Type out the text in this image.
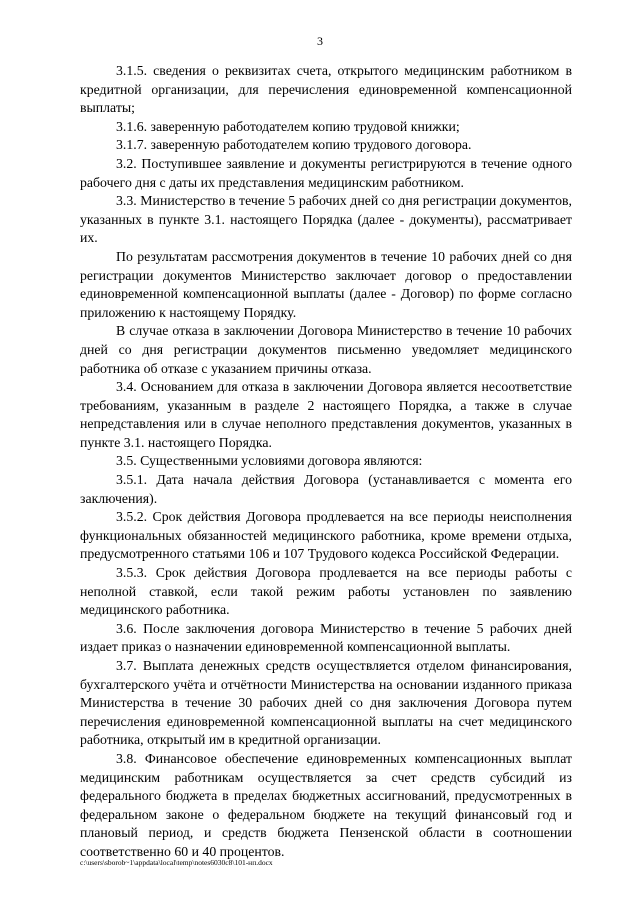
3

3.1.5. сведения о реквизитах счета, открытого медицинским работником в кредитной организации, для перечисления единовременной компенсационной выплаты;

3.1.6. заверенную работодателем копию трудовой книжки;

3.1.7. заверенную работодателем копию трудового договора.

3.2. Поступившее заявление и документы регистрируются в течение одного рабочего дня с даты их представления медицинским работником.

3.3. Министерство в течение 5 рабочих дней со дня регистрации документов, указанных в пункте 3.1. настоящего Порядка (далее - документы), рассматривает их.

По результатам рассмотрения документов в течение 10 рабочих дней со дня регистрации документов Министерство заключает договор о предоставлении единовременной компенсационной выплаты (далее - Договор) по форме согласно приложению к настоящему Порядку.

В случае отказа в заключении Договора Министерство в течение 10 рабочих дней со дня регистрации документов письменно уведомляет медицинского работника об отказе с указанием причины отказа.

3.4. Основанием для отказа в заключении Договора является несоответствие требованиям, указанным в разделе 2 настоящего Порядка, а также в случае непредставления или в случае неполного представления документов, указанных в пункте 3.1. настоящего Порядка.

3.5. Существенными условиями договора являются:

3.5.1. Дата начала действия Договора (устанавливается с момента его заключения).

3.5.2. Срок действия Договора продлевается на все периоды неисполнения функциональных обязанностей медицинского работника, кроме времени отдыха, предусмотренного статьями 106 и 107 Трудового кодекса Российской Федерации.

3.5.3. Срок действия Договора продлевается на все периоды работы с неполной ставкой, если такой режим работы установлен по заявлению медицинского работника.

3.6. После заключения договора Министерство в течение 5 рабочих дней издает приказ о назначении единовременной компенсационной выплаты.

3.7. Выплата денежных средств осуществляется отделом финансирования, бухгалтерского учёта и отчётности Министерства на основании изданного приказа Министерства в течение 30 рабочих дней со дня заключения Договора путем перечисления единовременной компенсационной выплаты на счет медицинского работника, открытый им в кредитной организации.

3.8. Финансовое обеспечение единовременных компенсационных выплат медицинским работникам осуществляется за счет средств субсидий из федерального бюджета в пределах бюджетных ассигнований, предусмотренных в федеральном законе о федеральном бюджете на текущий финансовый год и плановый период, и средств бюджета Пензенской области в соотношении соответственно 60 и 40 процентов.

c:\users\sborob~1\appdata\local\temp\notes6030c8\101-нп.docx
